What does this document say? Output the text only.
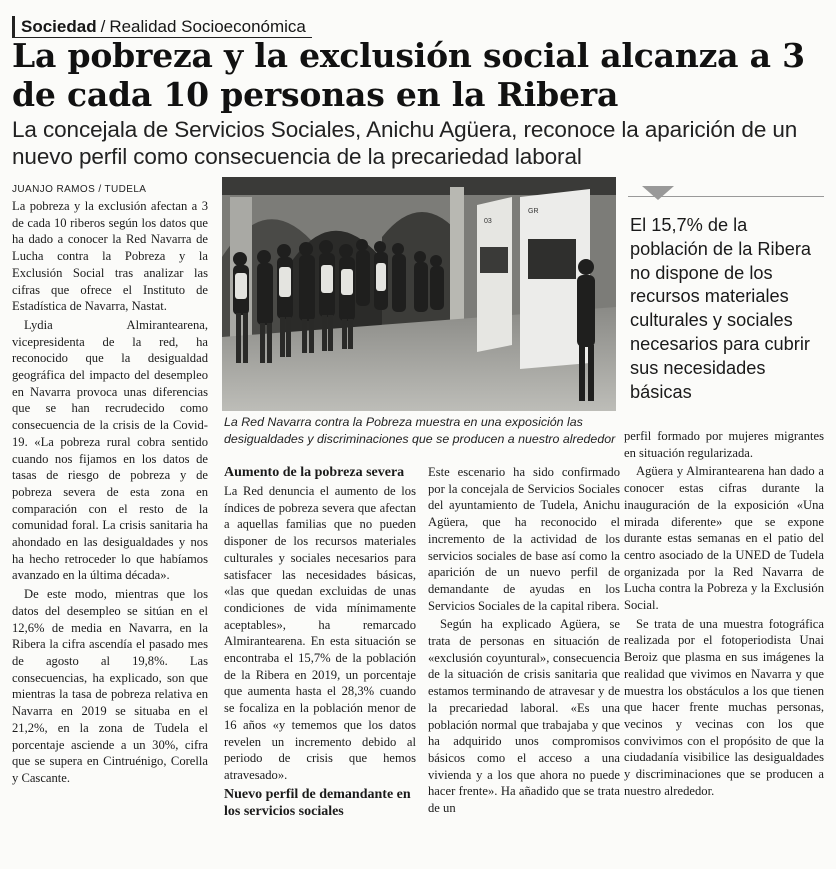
Sociedad / Realidad Socioeconómica
La pobreza y la exclusión social alcanza a 3 de cada 10 personas en la Ribera
La concejala de Servicios Sociales, Anichu Agüera, reconoce la aparición de un nuevo perfil como consecuencia de la precariedad laboral
JUANJO RAMOS / TUDELA

La pobreza y la exclusión afectan a 3 de cada 10 riberos según los datos que ha dado a conocer la Red Navarra de Lucha contra la Pobreza y la Exclusión Social tras analizar las cifras que ofrece el Instituto de Estadística de Navarra, Nastat.

Lydia Almirantearena, vicepresidenta de la red, ha reconocido que la desigualdad geográfica del impacto del desempleo en Navarra provoca unas diferencias que se han recrudecido como consecuencia de la crisis de la Covid-19. «La pobreza rural cobra sentido cuando nos fijamos en los datos de tasas de riesgo de pobreza y de pobreza severa de esta zona en comparación con el resto de la comunidad foral. La crisis sanitaria ha ahondado en las desigualdades y nos ha hecho retroceder lo que habíamos avanzado en la última década».

De este modo, mientras que los datos del desempleo se sitúan en el 12,6% de media en Navarra, en la Ribera la cifra ascendía el pasado mes de agosto al 19,8%. Las consecuencias, ha explicado, son que mientras la tasa de pobreza relativa en Navarra en 2019 se situaba en el 21,2%, en la zona de Tudela el porcentaje asciende a un 30%, cifra que se supera en Cintruénigo, Corella y Cascante.

03
GR
La Red Navarra contra la Pobreza muestra en una exposición las desigualdades y discriminaciones que se producen a nuestro alrededor
El 15,7% de la población de la Ribera no dispone de los recursos materiales culturales y sociales necesarios para cubrir sus necesidades básicas
Aumento de la pobreza severa

La Red denuncia el aumento de los índices de pobreza severa que afectan a aquellas familias que no pueden disponer de los recursos materiales culturales y sociales necesarios para satisfacer las necesidades básicas, «las que quedan excluidas de unas condiciones de vida mínimamente aceptables», ha remarcado Almirantearena. En esta situación se encontraba el 15,7% de la población de la Ribera en 2019, un porcentaje que aumenta hasta el 28,3% cuando se focaliza en la población menor de 16 años «y tememos que los datos revelen un incremento debido al periodo de crisis que hemos atravesado».

Nuevo perfil de demandante en los servicios sociales

Este escenario ha sido confirmado por la concejala de Servicios Sociales del ayuntamiento de Tudela, Anichu Agüera, que ha reconocido el incremento de la actividad de los servicios sociales de base así como la aparición de un nuevo perfil de demandante de ayudas en los Servicios Sociales de la capital ribera.

Según ha explicado Agüera, se trata de personas en situación de «exclusión coyuntural», consecuencia de la situación de crisis sanitaria que estamos terminando de atravesar y de la precariedad laboral. «Es una población normal que trabajaba y que ha adquirido unos compromisos básicos como el acceso a una vivienda y a los que ahora no puede hacer frente». Ha añadido que se trata de un

perfil formado por mujeres migrantes en situación regularizada.

Agüera y Almirantearena han dado a conocer estas cifras durante la inauguración de la exposición «Una mirada diferente» que se expone durante estas semanas en el patio del centro asociado de la UNED de Tudela organizada por la Red Navarra de Lucha contra la Pobreza y la Exclusión Social.

Se trata de una muestra fotográfica realizada por el fotoperiodista Unai Beroiz que plasma en sus imágenes la realidad que vivimos en Navarra y que muestra los obstáculos a los que tienen que hacer frente muchas personas, vecinos y vecinas con los que convivimos con el propósito de que la ciudadanía visibilice las desigualdades y discriminaciones que se producen a nuestro alrededor.
